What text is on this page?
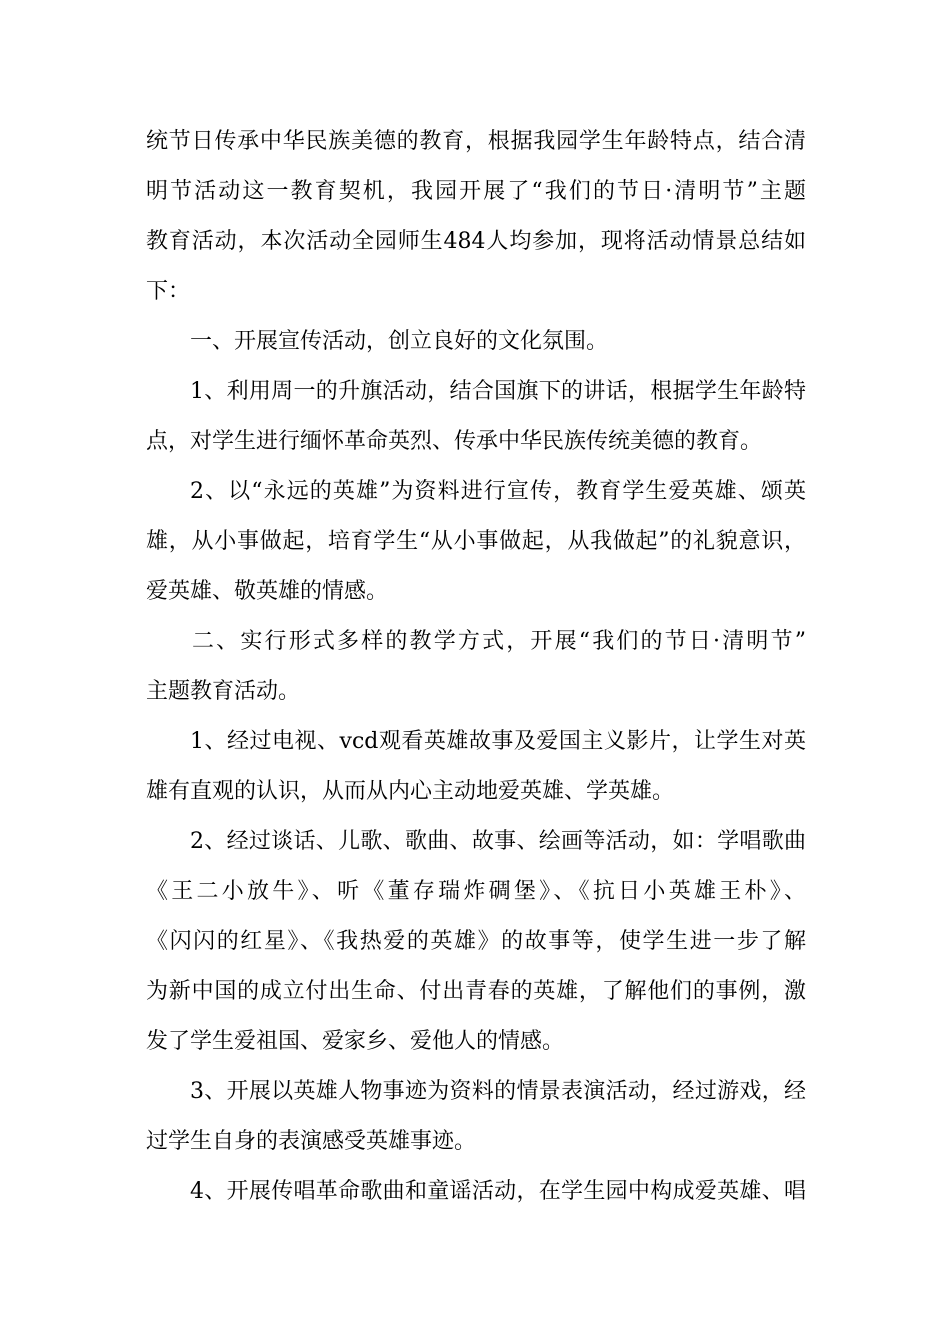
统节日传承中华民族美德的教育，根据我园学生年龄特点，结合清
明节活动这一教育契机，我园开展了“我们的节日·清明节”主题
教育活动，本次活动全园师生484人均参加，现将活动情景总结如
下：
一、开展宣传活动，创立良好的文化氛围。
1、利用周一的升旗活动，结合国旗下的讲话，根据学生年龄特
点，对学生进行缅怀革命英烈、传承中华民族传统美德的教育。
2、以“永远的英雄”为资料进行宣传，教育学生爱英雄、颂英
雄，从小事做起，培育学生“从小事做起，从我做起”的礼貌意识，
爱英雄、敬英雄的情感。
二、实行形式多样的教学方式，开展“我们的节日·清明节”
主题教育活动。
1、经过电视、vcd观看英雄故事及爱国主义影片，让学生对英
雄有直观的认识，从而从内心主动地爱英雄、学英雄。
2、经过谈话、儿歌、歌曲、故事、绘画等活动，如：学唱歌曲
《王二小放牛》、听《董存瑞炸碉堡》、《抗日小英雄王朴》、
《闪闪的红星》、《我热爱的英雄》的故事等，使学生进一步了解
为新中国的成立付出生命、付出青春的英雄，了解他们的事例，激
发了学生爱祖国、爱家乡、爱他人的情感。
3、开展以英雄人物事迹为资料的情景表演活动，经过游戏，经
过学生自身的表演感受英雄事迹。
4、开展传唱革命歌曲和童谣活动，在学生园中构成爱英雄、唱
